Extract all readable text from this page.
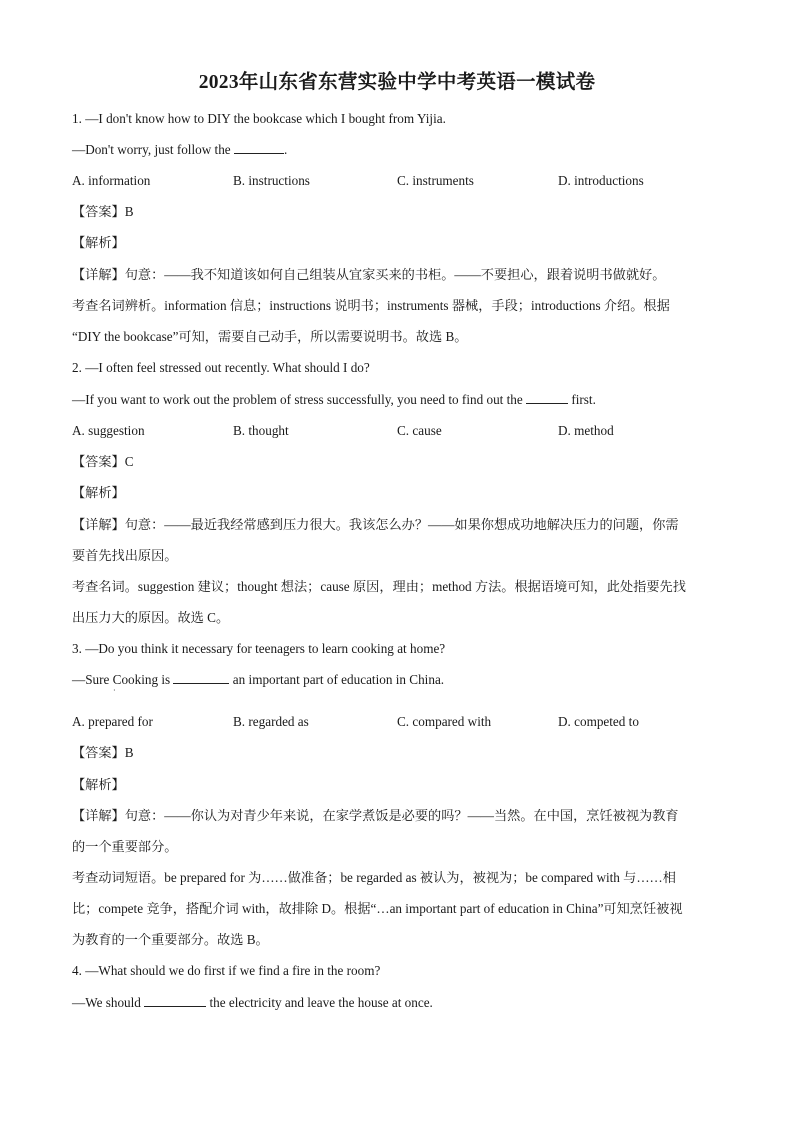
2023年山东省东营实验中学中考英语一模试卷
1. —I don't know how to DIY the bookcase which I bought from Yijia.
—Don't worry, just follow the	.
A. information	B. instructions	C. instruments	D. introductions
【答案】B
【解析】
【详解】句意：——我不知道该如何自己组装从宜家买来的书柜。——不要担心，跟着说明书做就好。
考查名词辨析。information 信息；instructions 说明书；instruments 器械，手段；introductions 介绍。根据
“DIY the bookcase”可知，需要自己动手，所以需要说明书。故选 B。
2. —I often feel stressed out recently. What should I do?
—If you want to work out the problem of stress successfully, you need to find out the	first.
A. suggestion	B. thought	C. cause	D. method
【答案】C
【解析】
【详解】句意：——最近我经常感到压力很大。我该怎么办？——如果你想成功地解决压力的问题，你需
要首先找出原因。
考查名词。suggestion 建议；thought 想法；cause 原因，理由；method 方法。根据语境可知，此处指要先找
出压力大的原因。故选 C。
3. —Do you think it necessary for teenagers to learn cooking at home?
—Sure Cooking is	an important part of education in China.
·
A. prepared for	B. regarded as	C. compared with	D. competed to
【答案】B
【解析】
【详解】句意：——你认为对青少年来说，在家学煮饭是必要的吗？——当然。在中国，烹饪被视为教育
的一个重要部分。
考查动词短语。be prepared for 为……做准备；be regarded as 被认为，被视为；be compared with 与……相
比；compete 竞争，搭配介词 with，故排除 D。根据“…an important part of education in China”可知烹饪被视
为教育的一个重要部分。故选 B。
4. —What should we do first if we find a fire in the room?
—We should	the electricity and leave the house at once.
